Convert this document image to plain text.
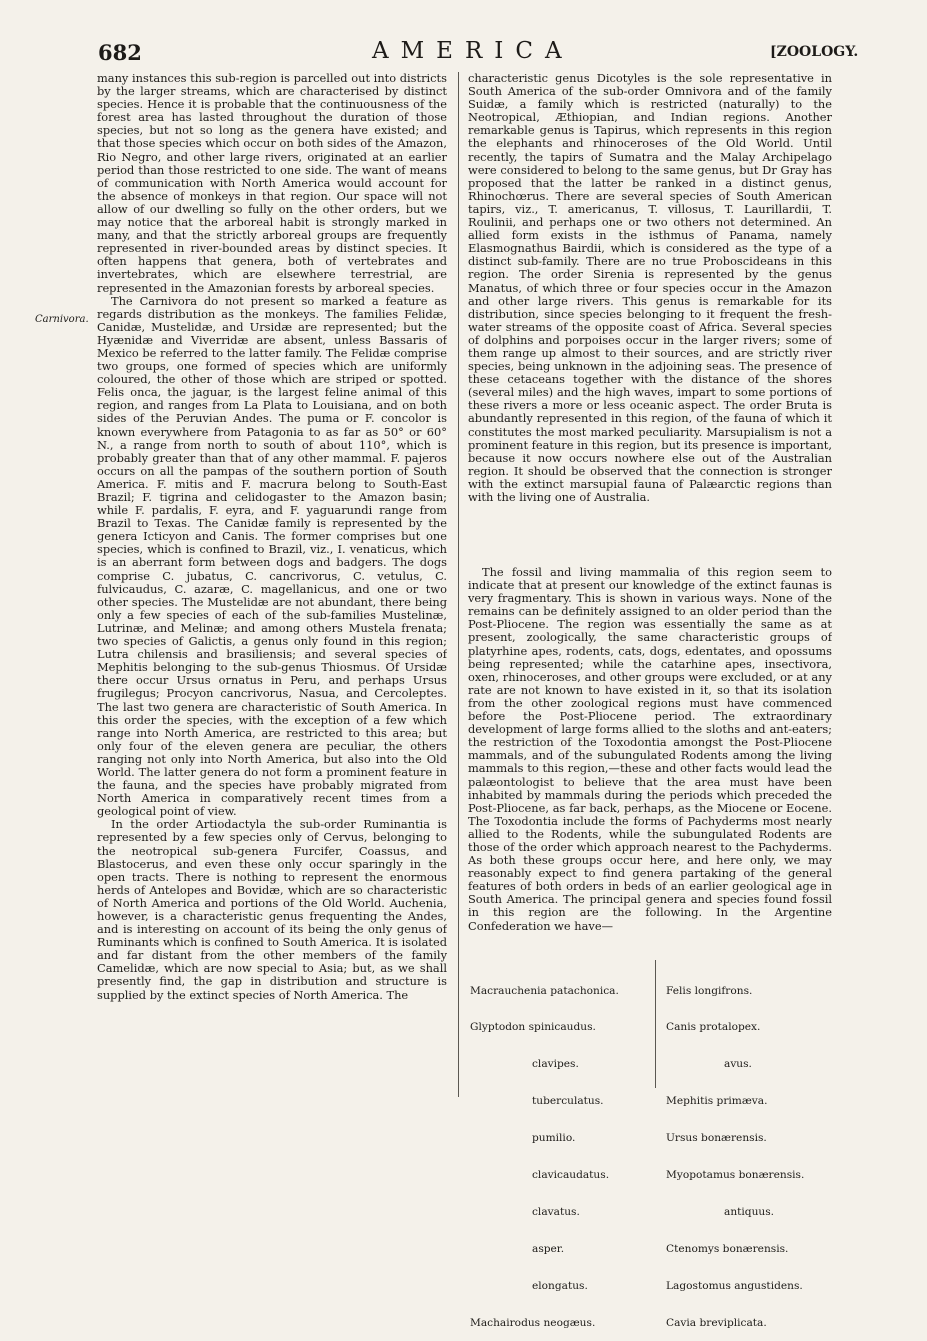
682	AMERICA	[ZOOLOGY.
Carnivora.

many instances this sub-region is parcelled out into districts by the larger streams, which are characterised by distinct species. Hence it is probable that the continuousness of the forest area has lasted throughout the duration of those species, but not so long as the genera have existed; and that those species which occur on both sides of the Amazon, Rio Negro, and other large rivers, originated at an earlier period than those restricted to one side. The want of means of communication with North America would account for the absence of monkeys in that region. Our space will not allow of our dwelling so fully on the other orders, but we may notice that the arboreal habit is strongly marked in many, and that the strictly arboreal groups are frequently represented in river-bounded areas by distinct species. It often happens that genera, both of vertebrates and invertebrates, which are elsewhere terrestrial, are represented in the Amazonian forests by arboreal species.

The Carnivora do not present so marked a feature as regards distribution as the monkeys. The families Felidæ, Canidæ, Mustelidæ, and Ursidæ are represented; but the Hyænidæ and Viverridæ are absent, unless Bassaris of Mexico be referred to the latter family. The Felidæ comprise two groups, one formed of species which are uniformly coloured, the other of those which are striped or spotted. Felis onca, the jaguar, is the largest feline animal of this region, and ranges from La Plata to Louisiana, and on both sides of the Peruvian Andes. The puma or F. concolor is known everywhere from Patagonia to as far as 50° or 60° N., a range from north to south of about 110°, which is probably greater than that of any other mammal. F. pajeros occurs on all the pampas of the southern portion of South America. F. mitis and F. macrura belong to South-East Brazil; F. tigrina and celidogaster to the Amazon basin; while F. pardalis, F. eyra, and F. yaguarundi range from Brazil to Texas. The Canidæ family is represented by the genera Icticyon and Canis. The former comprises but one species, which is confined to Brazil, viz., I. venaticus, which is an aberrant form between dogs and badgers. The dogs comprise C. jubatus, C. cancrivorus, C. vetulus, C. fulvicaudus, C. azaræ, C. magellanicus, and one or two other species. The Mustelidæ are not abundant, there being only a few species of each of the sub-families Mustelinæ, Lutrinæ, and Melinæ; and among others Mustela frenata; two species of Galictis, a genus only found in this region; Lutra chilensis and brasiliensis; and several species of Mephitis belonging to the sub-genus Thiosmus. Of Ursidæ there occur Ursus ornatus in Peru, and perhaps Ursus frugilegus; Procyon cancrivorus, Nasua, and Cercoleptes. The last two genera are characteristic of South America. In this order the species, with the exception of a few which range into North America, are restricted to this area; but only four of the eleven genera are peculiar, the others ranging not only into North America, but also into the Old World. The latter genera do not form a prominent feature in the fauna, and the species have probably migrated from North America in comparatively recent times from a geological point of view.

In the order Artiodactyla the sub-order Ruminantia is represented by a few species only of Cervus, belonging to the neotropical sub-genera Furcifer, Coassus, and Blastocerus, and even these only occur sparingly in the open tracts. There is nothing to represent the enormous herds of Antelopes and Bovidæ, which are so characteristic of North America and portions of the Old World. Auchenia, however, is a characteristic genus frequenting the Andes, and is interesting on account of its being the only genus of Ruminants which is confined to South America. It is isolated and far distant from the other members of the family Camelidæ, which are now special to Asia; but, as we shall presently find, the gap in distribution and structure is supplied by the extinct species of North America. The

characteristic genus Dicotyles is the sole representative in South America of the sub-order Omnivora and of the family Suidæ, a family which is restricted (naturally) to the Neotropical, Æthiopian, and Indian regions. Another remarkable genus is Tapirus, which represents in this region the elephants and rhinoceroses of the Old World. Until recently, the tapirs of Sumatra and the Malay Archipelago were considered to belong to the same genus, but Dr Gray has proposed that the latter be ranked in a distinct genus, Rhinochœrus. There are several species of South American tapirs, viz., T. americanus, T. villosus, T. Laurillardii, T. Roulinii, and perhaps one or two others not determined. An allied form exists in the isthmus of Panama, namely Elasmognathus Bairdii, which is considered as the type of a distinct sub-family. There are no true Proboscideans in this region. The order Sirenia is represented by the genus Manatus, of which three or four species occur in the Amazon and other large rivers. This genus is remarkable for its distribution, since species belonging to it frequent the fresh-water streams of the opposite coast of Africa. Several species of dolphins and porpoises occur in the larger rivers; some of them range up almost to their sources, and are strictly river species, being unknown in the adjoining seas. The presence of these cetaceans together with the distance of the shores (several miles) and the high waves, impart to some portions of these rivers a more or less oceanic aspect. The order Bruta is abundantly represented in this region, of the fauna of which it constitutes the most marked peculiarity. Marsupialism is not a prominent feature in this region, but its presence is important, because it now occurs nowhere else out of the Australian region. It should be observed that the connection is stronger with the extinct marsupial fauna of Palæarctic regions than with the living one of Australia.

The fossil and living mammalia of this region seem to indicate that at present our knowledge of the extinct faunas is very fragmentary. This is shown in various ways. None of the remains can be definitely assigned to an older period than the Post-Pliocene. The region was essentially the same as at present, zoologically, the same characteristic groups of platyrhine apes, rodents, cats, dogs, edentates, and opossums being represented; while the catarhine apes, insectivora, oxen, rhinoceroses, and other groups were excluded, or at any rate are not known to have existed in it, so that its isolation from the other zoological regions must have commenced before the Post-Pliocene period. The extraordinary development of large forms allied to the sloths and ant-eaters; the restriction of the Toxodontia amongst the Post-Pliocene mammals, and of the subungulated Rodents among the living mammals to this region,—these and other facts would lead the palæontologist to believe that the area must have been inhabited by mammals during the periods which preceded the Post-Pliocene, as far back, perhaps, as the Miocene or Eocene. The Toxodontia include the forms of Pachyderms most nearly allied to the Rodents, while the subungulated Rodents are those of the order which approach nearest to the Pachyderms. As both these groups occur here, and here only, we may reasonably expect to find genera partaking of the general features of both orders in beds of an earlier geological age in South America. The principal genera and species found fossil in this region are the following. In the Argentine Confederation we have—

Macrauchenia patachonica.

Glyptodon spinicaudus.

clavipes.

tuberculatus.

pumilio.

clavicaudatus.

clavatus.

asper.

elongatus.

Machairodus neogæus.

Felis longifrons.

Canis protalopex.

avus.

Mephitis primæva.

Ursus bonærensis.

Myopotamus bonærensis.

antiquus.

Ctenomys bonærensis.

Lagostomus angustidens.

Cavia breviplicata.
